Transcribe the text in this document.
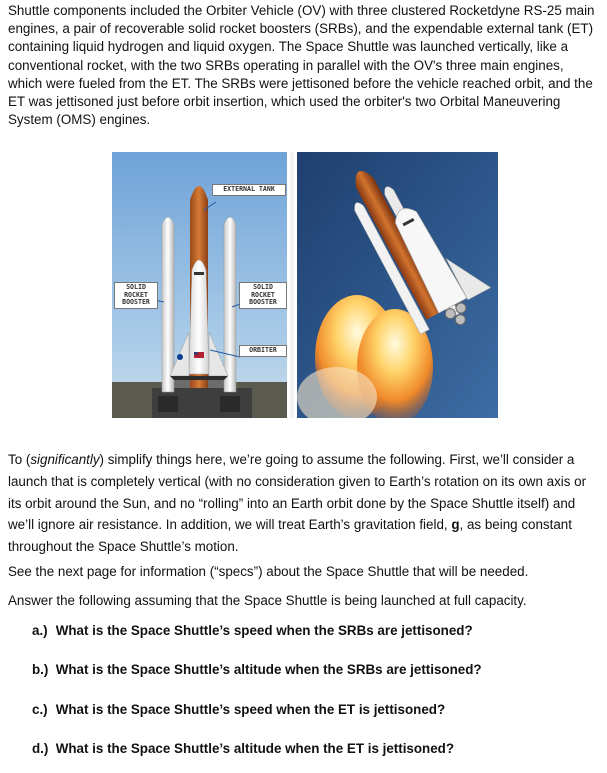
Shuttle components included the Orbiter Vehicle (OV) with three clustered Rocketdyne RS-25 main engines, a pair of recoverable solid rocket boosters (SRBs), and the expendable external tank (ET) containing liquid hydrogen and liquid oxygen. The Space Shuttle was launched vertically, like a conventional rocket, with the two SRBs operating in parallel with the OV's three main engines, which were fueled from the ET. The SRBs were jettisoned before the vehicle reached orbit, and the ET was jettisoned just before orbit insertion, which used the orbiter's two Orbital Maneuvering System (OMS) engines.

EXTERNAL TANK
SOLID
ROCKET
BOOSTER
SOLID
ROCKET
BOOSTER
ORBITER

To (significantly) simplify things here, we’re going to assume the following. First, we’ll consider a launch that is completely vertical (with no consideration given to Earth’s rotation on its own axis or its orbit around the Sun, and no “rolling” into an Earth orbit done by the Space Shuttle itself) and we’ll ignore air resistance. In addition, we will treat Earth’s gravitation field, g, as being constant throughout the Space Shuttle’s motion.

See the next page for information (“specs”) about the Space Shuttle that will be needed.

Answer the following assuming that the Space Shuttle is being launched at full capacity.

a.) What is the Space Shuttle’s speed when the SRBs are jettisoned?

b.) What is the Space Shuttle’s altitude when the SRBs are jettisoned?

c.) What is the Space Shuttle’s speed when the ET is jettisoned?

d.) What is the Space Shuttle’s altitude when the ET is jettisoned?
